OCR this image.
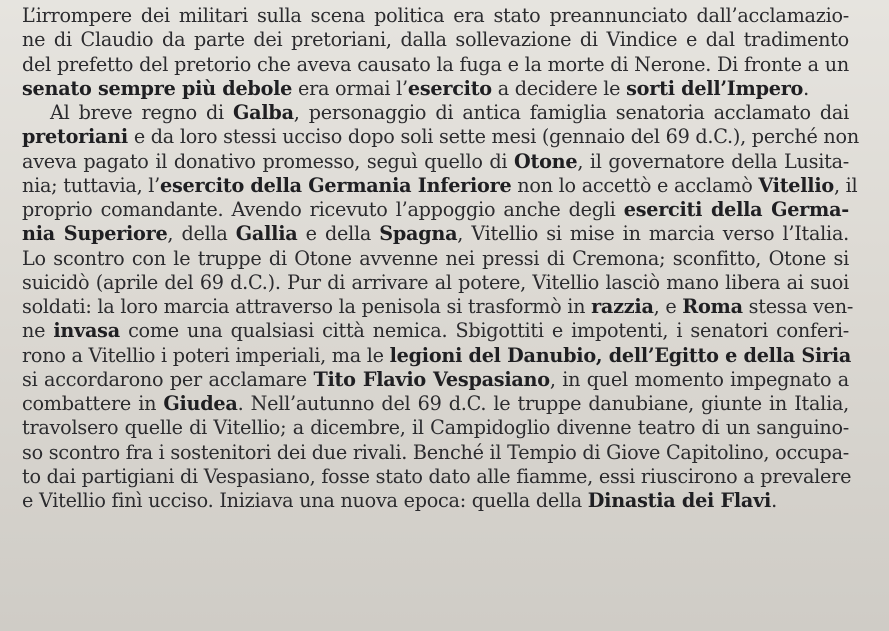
L’irrompere dei militari sulla scena politica era stato preannunciato dall’acclamazio-
ne di Claudio da parte dei pretoriani, dalla sollevazione di Vindice e dal tradimento
del prefetto del pretorio che aveva causato la fuga e la morte di Nerone. Di fronte a un
senato sempre più debole era ormai l’esercito a decidere le sorti dell’Impero.
Al breve regno di Galba, personaggio di antica famiglia senatoria acclamato dai
pretoriani e da loro stessi ucciso dopo soli sette mesi (gennaio del 69 d.C.), perché non
aveva pagato il donativo promesso, seguì quello di Otone, il governatore della Lusita-
nia; tuttavia, l’esercito della Germania Inferiore non lo accettò e acclamò Vitellio, il
proprio comandante. Avendo ricevuto l’appoggio anche degli eserciti della Germa-
nia Superiore, della Gallia e della Spagna, Vitellio si mise in marcia verso l’Italia.
Lo scontro con le truppe di Otone avvenne nei pressi di Cremona; sconfitto, Otone si
suicidò (aprile del 69 d.C.). Pur di arrivare al potere, Vitellio lasciò mano libera ai suoi
soldati: la loro marcia attraverso la penisola si trasformò in razzia, e Roma stessa ven-
ne invasa come una qualsiasi città nemica. Sbigottiti e impotenti, i senatori conferi-
rono a Vitellio i poteri imperiali, ma le legioni del Danubio, dell’Egitto e della Siria
si accordarono per acclamare Tito Flavio Vespasiano, in quel momento impegnato a
combattere in Giudea. Nell’autunno del 69 d.C. le truppe danubiane, giunte in Italia,
travolsero quelle di Vitellio; a dicembre, il Campidoglio divenne teatro di un sanguino-
so scontro fra i sostenitori dei due rivali. Benché il Tempio di Giove Capitolino, occupa-
to dai partigiani di Vespasiano, fosse stato dato alle fiamme, essi riuscirono a prevalere
e Vitellio finì ucciso. Iniziava una nuova epoca: quella della Dinastia dei Flavi.
